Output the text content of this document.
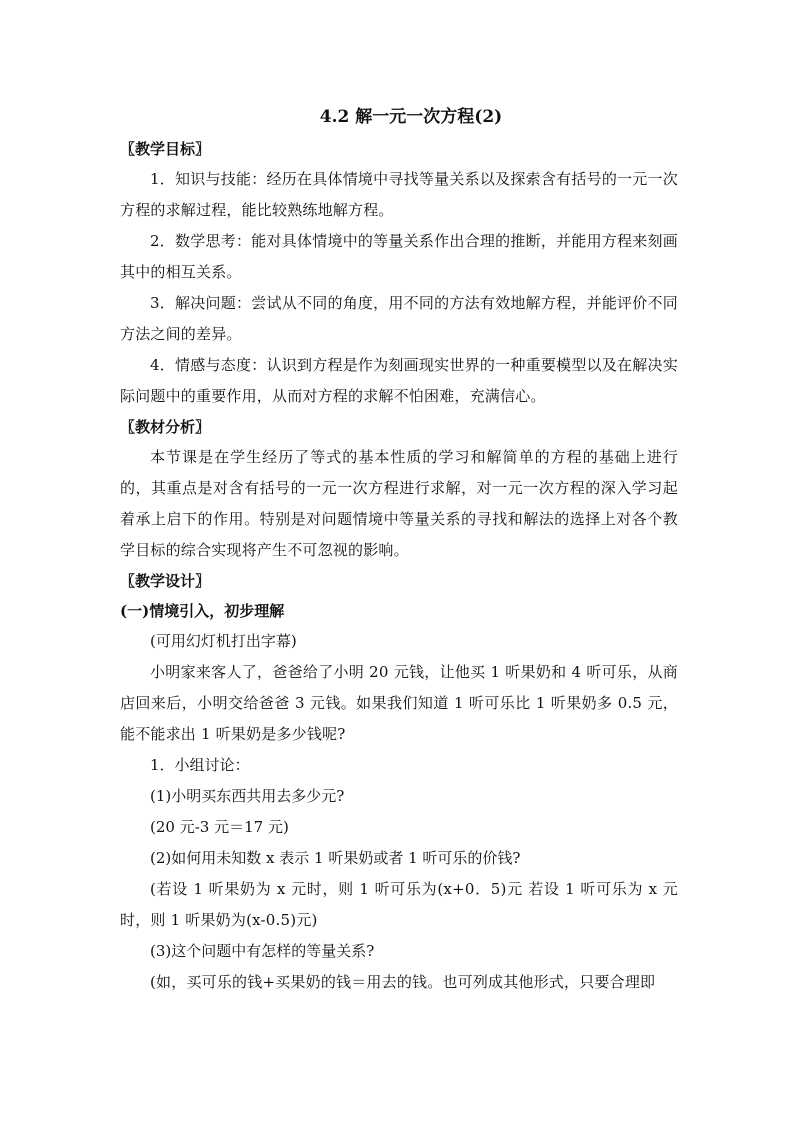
4.2 解一元一次方程(2)
〖教学目标〗

1．知识与技能：经历在具体情境中寻找等量关系以及探索含有括号的一元一次方程的求解过程，能比较熟练地解方程。

2．数学思考：能对具体情境中的等量关系作出合理的推断，并能用方程来刻画其中的相互关系。

3．解决问题：尝试从不同的角度，用不同的方法有效地解方程，并能评价不同方法之间的差异。

4．情感与态度：认识到方程是作为刻画现实世界的一种重要模型以及在解决实际问题中的重要作用，从而对方程的求解不怕困难，充满信心。

〖教材分析〗

本节课是在学生经历了等式的基本性质的学习和解简单的方程的基础上进行的，其重点是对含有括号的一元一次方程进行求解，对一元一次方程的深入学习起着承上启下的作用。特别是对问题情境中等量关系的寻找和解法的选择上对各个教学目标的综合实现将产生不可忽视的影响。

〖教学设计〗
(一)情境引入，初步理解

(可用幻灯机打出字幕)

小明家来客人了，爸爸给了小明 20 元钱，让他买 1 听果奶和 4 听可乐，从商店回来后，小明交给爸爸 3 元钱。如果我们知道 1 听可乐比 1 听果奶多 0.5 元，能不能求出 1 听果奶是多少钱呢?

1．小组讨论：

(1)小明买东西共用去多少元?

(20 元-3 元＝17 元)

(2)如何用未知数 x 表示 1 听果奶或者 1 听可乐的价钱?

(若设 1 听果奶为 x 元时，则 1 听可乐为(x+0．5)元 若设 1 听可乐为 x 元时，则 1 听果奶为(x-0.5)元)

(3)这个问题中有怎样的等量关系?

(如，买可乐的钱+买果奶的钱＝用去的钱。也可列成其他形式，只要合理即
